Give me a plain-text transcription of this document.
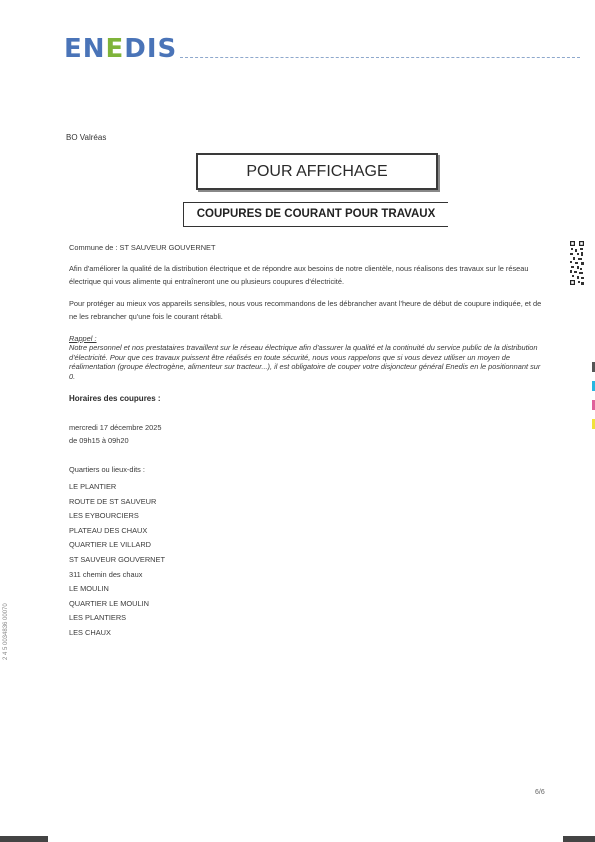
ENEDIS
BO Valréas
POUR AFFICHAGE
COUPURES DE COURANT POUR TRAVAUX
Commune de : ST SAUVEUR GOUVERNET
Afin d'améliorer la qualité de la distribution électrique et de répondre aux besoins de notre clientèle, nous réalisons des travaux sur le réseau électrique qui vous alimente qui entraîneront une ou plusieurs coupures d'électricité.
Pour protéger au mieux vos appareils sensibles, nous vous recommandons de les débrancher avant l'heure de début de coupure indiquée, et de ne les rebrancher qu'une fois le courant rétabli.
Rappel :
Notre personnel et nos prestataires travaillent sur le réseau électrique afin d'assurer la qualité et la continuité du service public de la distribution d'électricité. Pour que ces travaux puissent être réalisés en toute sécurité, nous vous rappelons que si vous devez utiliser un moyen de réalimentation (groupe électrogène, alimenteur sur tracteur...), il est obligatoire de couper votre disjoncteur général Enedis en le positionnant sur 0.
Horaires des coupures :
mercredi 17 décembre 2025
de 09h15 à 09h20
Quartiers ou lieux-dits :
LE PLANTIER
ROUTE DE ST SAUVEUR
LES EYBOURCIERS
PLATEAU DES CHAUX
QUARTIER LE VILLARD
ST SAUVEUR GOUVERNET
311 chemin des chaux
LE MOULIN
QUARTIER LE MOULIN
LES PLANTIERS
LES CHAUX
6/6
2 4 5 0034836 00070
